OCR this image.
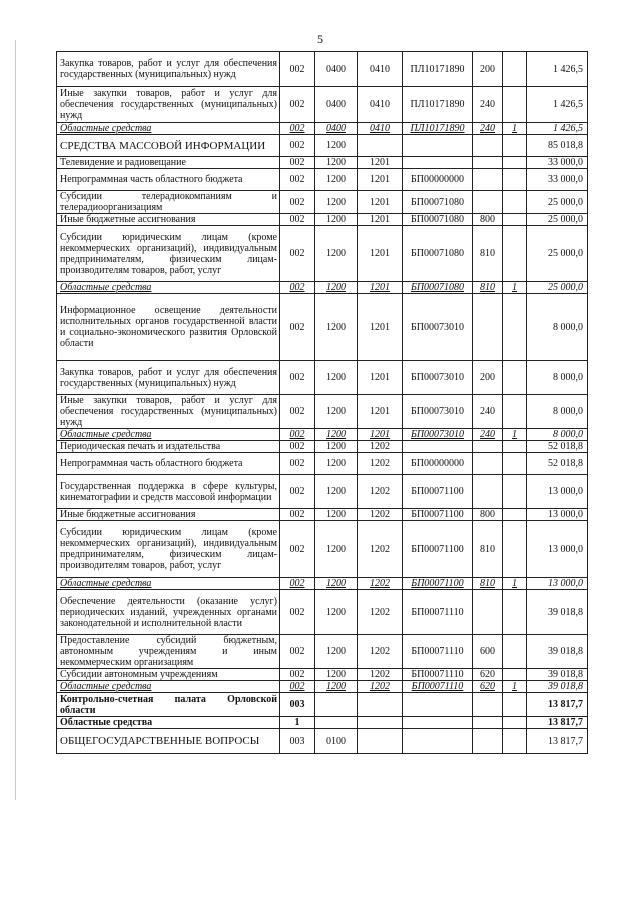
5
Закупка товаров, работ и услуг для обеспечения государственных (муниципальных) нужд	002	0400	0410	ПЛ10171890	200		1 426,5
Иные закупки товаров, работ и услуг для обеспечения государственных (муниципальных) нужд	002	0400	0410	ПЛ10171890	240		1 426,5
Областные средства	002	0400	0410	ПЛ10171890	240	1	1 426,5
СРЕДСТВА МАССОВОЙ ИНФОРМАЦИИ	002	1200					85 018,8
Телевидение и радиовещание	002	1200	1201				33 000,0
Непрограммная часть областного бюджета	002	1200	1201	БП00000000			33 000,0
Субсидии телерадиокомпаниям и телерадиоорганизациям	002	1200	1201	БП00071080			25 000,0
Иные бюджетные ассигнования	002	1200	1201	БП00071080	800		25 000,0
Субсидии юридическим лицам (кроме некоммерческих организаций), индивидуальным предпринимателям, физическим лицам-производителям товаров, работ, услуг	002	1200	1201	БП00071080	810		25 000,0
Областные средства	002	1200	1201	БП00071080	810	1	25 000,0
Информационное освещение деятельности исполнительных органов государственной власти и социально-экономического развития Орловской области	002	1200	1201	БП00073010			8 000,0
Закупка товаров, работ и услуг для обеспечения государственных (муниципальных) нужд	002	1200	1201	БП00073010	200		8 000,0
Иные закупки товаров, работ и услуг для обеспечения государственных (муниципальных) нужд	002	1200	1201	БП00073010	240		8 000,0
Областные средства	002	1200	1201	БП00073010	240	1	8 000,0
Периодическая печать и издательства	002	1200	1202				52 018,8
Непрограммная часть областного бюджета	002	1200	1202	БП00000000			52 018,8
Государственная поддержка в сфере культуры, кинематографии и средств массовой информации	002	1200	1202	БП00071100			13 000,0
Иные бюджетные ассигнования	002	1200	1202	БП00071100	800		13 000,0
Субсидии юридическим лицам (кроме некоммерческих организаций), индивидуальным предпринимателям, физическим лицам-производителям товаров, работ, услуг	002	1200	1202	БП00071100	810		13 000,0
Областные средства	002	1200	1202	БП00071100	810	1	13 000,0
Обеспечение деятельности (оказание услуг) периодических изданий, учрежденных органами законодательной и исполнительной власти	002	1200	1202	БП00071110			39 018,8
Предоставление субсидий бюджетным, автономным учреждениям и иным некоммерческим организациям	002	1200	1202	БП00071110	600		39 018,8
Субсидии автономным учреждениям	002	1200	1202	БП00071110	620		39 018,8
Областные средства	002	1200	1202	БП00071110	620	1	39 018,8
Контрольно-счетная палата Орловской области	003						13 817,7
Областные средства	1						13 817,7
ОБЩЕГОСУДАРСТВЕННЫЕ ВОПРОСЫ	003	0100					13 817,7
